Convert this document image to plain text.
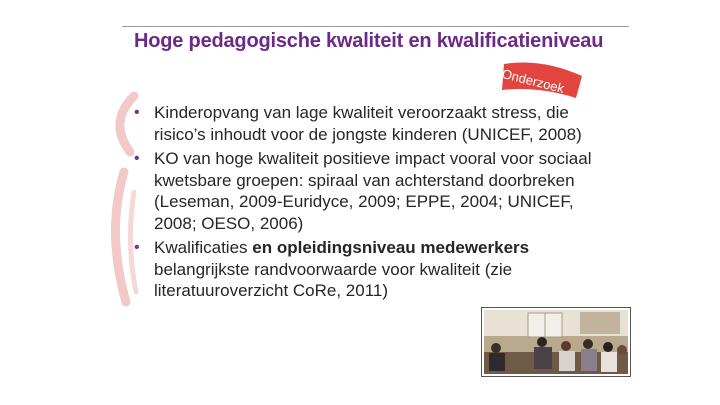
Hoge pedagogische kwaliteit en kwalificatieniveau
Onderzoek
• Kinderopvang van lage kwaliteit veroorzaakt stress, die risico’s inhoudt voor de jongste kinderen (UNICEF, 2008)
• KO van hoge kwaliteit positieve impact vooral voor sociaal kwetsbare groepen: spiraal van achterstand doorbreken (Leseman, 2009-Euridyce, 2009; EPPE, 2004; UNICEF, 2008; OESO, 2006)
• Kwalificaties en opleidingsniveau medewerkers belangrijkste randvoorwaarde voor kwaliteit (zie literatuuroverzicht CoRe, 2011)
